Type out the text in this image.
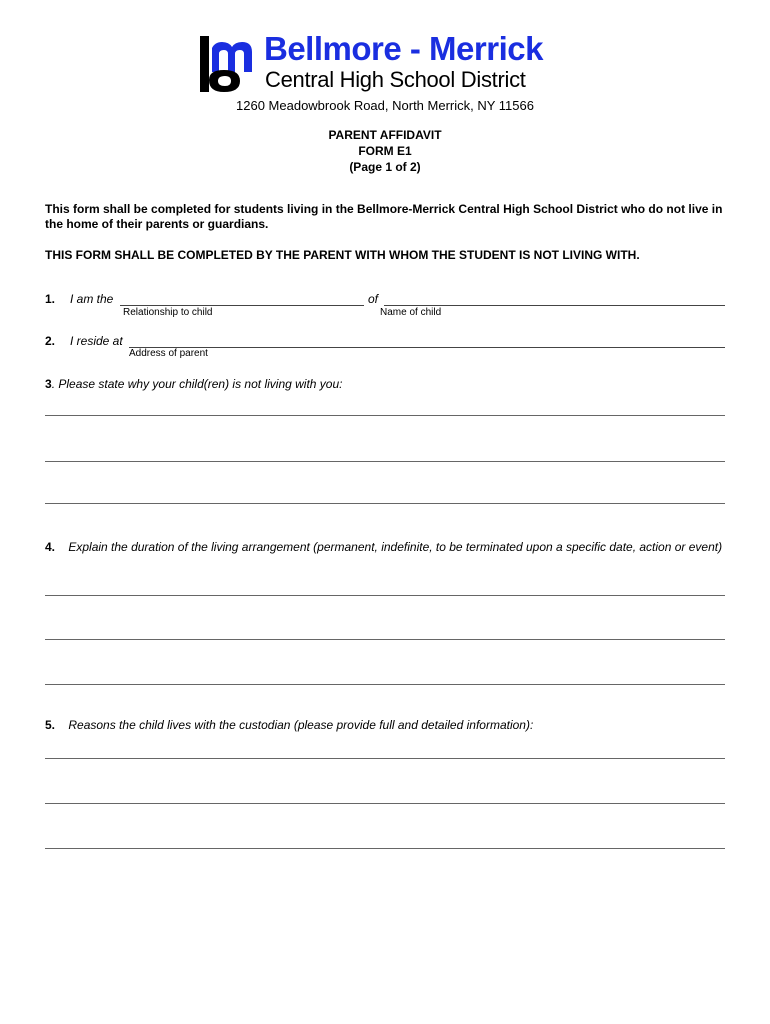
Bellmore - Merrick
Central High School District
1260 Meadowbrook Road, North Merrick, NY 11566
PARENT AFFIDAVIT
FORM E1
(Page 1 of 2)
This form shall be completed for students living in the Bellmore-Merrick Central High School District who do not live in the home of their parents or guardians.
THIS FORM SHALL BE COMPLETED BY THE PARENT WITH WHOM THE STUDENT IS NOT LIVING WITH.
1. I am the	of
Relationship to child	Name of child
2. I reside at
Address of parent
3. Please state why your child(ren) is not living with you:
4. Explain the duration of the living arrangement (permanent, indefinite, to be terminated upon a specific date, action or event)
5. Reasons the child lives with the custodian (please provide full and detailed information):
